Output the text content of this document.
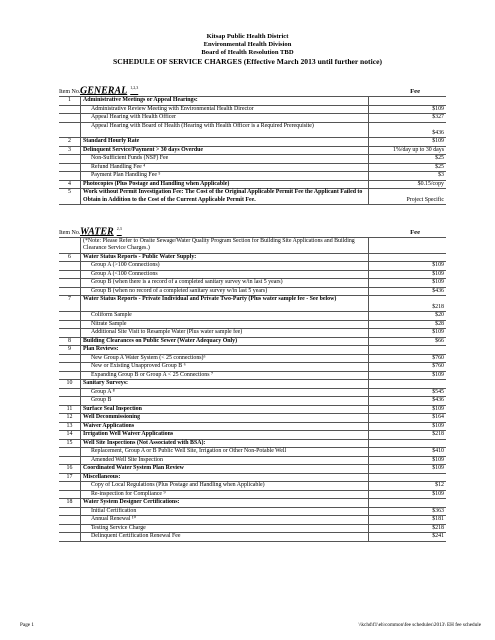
Kitsap Public Health District
Environmental Health Division
Board of Health Resolution TBD
SCHEDULE OF SERVICE CHARGES (Effective March 2013 until further notice)
Item No. GENERAL $^{1,2,3}$
Fee
1	Administrative Meetings or Appeal Hearings:	
	Administrative Review Meeting with Environmental Health Director	$109
	Appeal Hearing with Health Officer	$327
	Appeal Hearing with Board of Health (Hearing with Health Officer is a Required Prerequisite)	$436
2	Standard Hourly Rate	$109
3	Delinquent Service/Payment > 30 days Overdue	1%/day up to 30 days
	Non-Sufficient Funds (NSF) Fee	$25
	Refund Handling Fee ⁴	$25
	Payment Plan Handling Fee ⁵	$3
4	Photocopies (Plus Postage and Handling when Applicable)	$0.15/copy
5	Work without Permit Investigation Fee: The Cost of the Original Applicable Permit Fee the Applicant Failed to Obtain in Addition to the Cost of the Current Applicable Permit Fee.	Project Specific
Item No. WATER $^{2,3}$
Fee
	(*Note: Please Refer to Onsite Sewage/Water Quality Program Section for Building Site Applications and Building Clearance Service Charges.)	
6	Water Status Reports - Public Water Supply:	
	Group A (>100 Connections)	$109
	Group A (<100 Connections	$109
	Group B (when there is a record of a completed sanitary survey w/in last 5 years)	$109
	Group B (when no record of a completed sanitary survey w/in last 5 years)	$436
7	Water Status Reports - Private Individual and Private Two-Party (Plus water sample fee - See below)	$218
	Coliform Sample	$20
	Nitrate Sample	$28
	Additional Site Visit to Resample Water (Plus water sample fee)	$109
8	Building Clearances on Public Sewer (Water Adequacy Only)	$66
9	Plan Reviews:	
	New Group A Water System (< 25 connections)⁶	$760
	New or Existing Unapproved Group B ⁶	$760
	Expanding Group B or Group A < 25 Connections ⁷	$109
10	Sanitary Surveys:	
	Group A ⁸	$545
	Group B	$436
11	Surface Seal Inspection	$109
12	Well Decommissioning	$164
13	Waiver Applications	$109
14	Irrigation Well Waiver Applications	$218
15	Well Site Inspections (Not Associated with BSA):	
	Replacement, Group A or B Public Well Site, Irrigation or Other Non-Potable Well	$410
	Amended Well Site Inspection	$109
16	Coordinated Water System Plan Review	$109
17	Miscellaneous:	
	Copy of Local Regulations (Plus Postage and Handling when Applicable)	$12
	Re-inspection for Compliance ⁹	$109
18	Water System Designer Certifications:	
	Initial Certification	$363
	Annual Renewal ¹⁰	$181
	Testing Service Charge	$218
	Delinquent Certification Renewal Fee	$241
Page 1	\\kchd\f1\eh\common\fee schedules\2013\ EH fee schedule
